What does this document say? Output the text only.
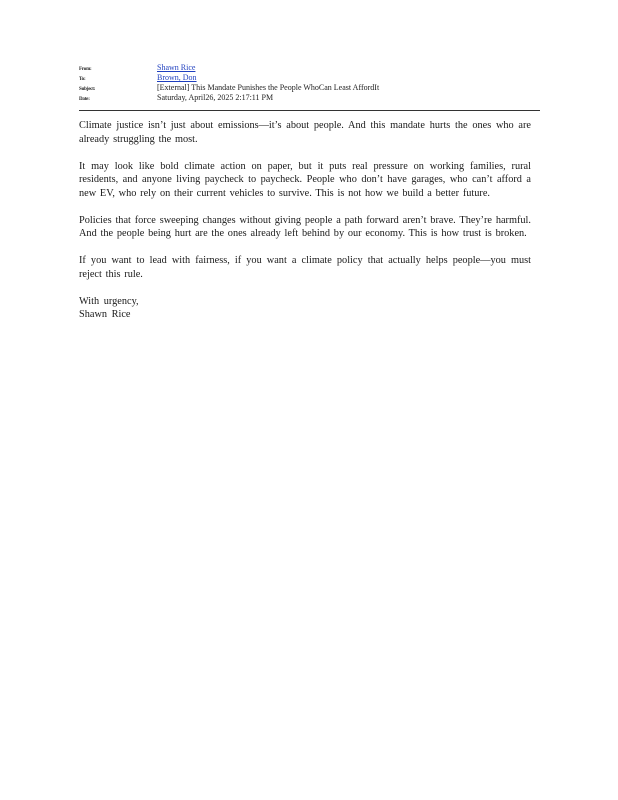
From:	Shawn Rice
To:	Brown, Don
Subject:	[External] This Mandate Punishes the People WhoCan Least AffordIt
Date:	Saturday, April26, 2025 2:17:11 PM

Climate justice isn’t just about emissions—it’s about people. And this mandate hurts the ones who are already struggling the most.

It may look like bold climate action on paper, but it puts real pressure on working families, rural residents, and anyone living paycheck to paycheck. People who don’t have garages, who can’t afford a new EV, who rely on their current vehicles to survive. This is not how we build a better future.

Policies that force sweeping changes without giving people a path forward aren’t brave. They’re harmful. And the people being hurt are the ones already left behind by our economy. This is how trust is broken.

If you want to lead with fairness, if you want a climate policy that actually helps people—you must reject this rule.

With urgency,

Shawn Rice
